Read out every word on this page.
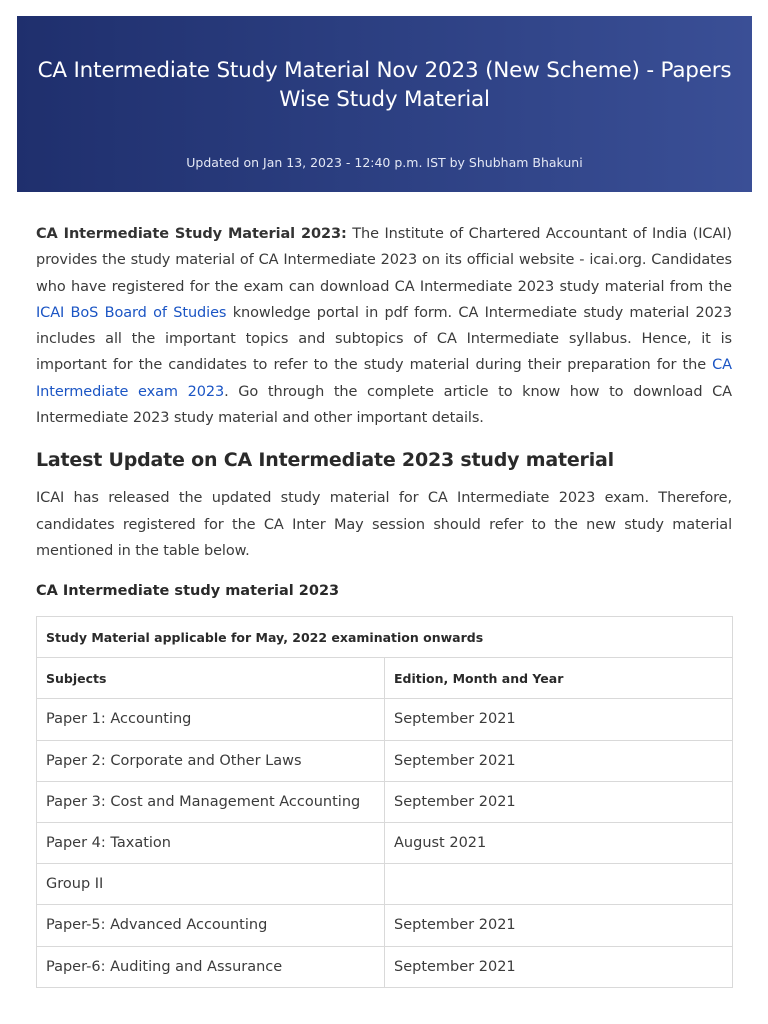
CA Intermediate Study Material Nov 2023 (New Scheme) - Papers Wise Study Material
Updated on Jan 13, 2023 - 12:40 p.m. IST by Shubham Bhakuni

CA Intermediate Study Material 2023: The Institute of Chartered Accountant of India (ICAI) provides the study material of CA Intermediate 2023 on its official website - icai.org. Candidates who have registered for the exam can download CA Intermediate 2023 study material from the ICAI BoS Board of Studies knowledge portal in pdf form. CA Intermediate study material 2023 includes all the important topics and subtopics of CA Intermediate syllabus. Hence, it is important for the candidates to refer to the study material during their preparation for the CA Intermediate exam 2023. Go through the complete article to know how to download CA Intermediate 2023 study material and other important details.

Latest Update on CA Intermediate 2023 study material

ICAI has released the updated study material for CA Intermediate 2023 exam. Therefore, candidates registered for the CA Inter May session should refer to the new study material mentioned in the table below.

CA Intermediate study material 2023
Study Material applicable for May, 2022 examination onwards	
Subjects	Edition, Month and Year
Paper 1: Accounting	September 2021
Paper 2: Corporate and Other Laws	September 2021
Paper 3: Cost and Management Accounting	September 2021
Paper 4: Taxation	August 2021
Group II	
Paper-5: Advanced Accounting	September 2021
Paper-6: Auditing and Assurance	September 2021
